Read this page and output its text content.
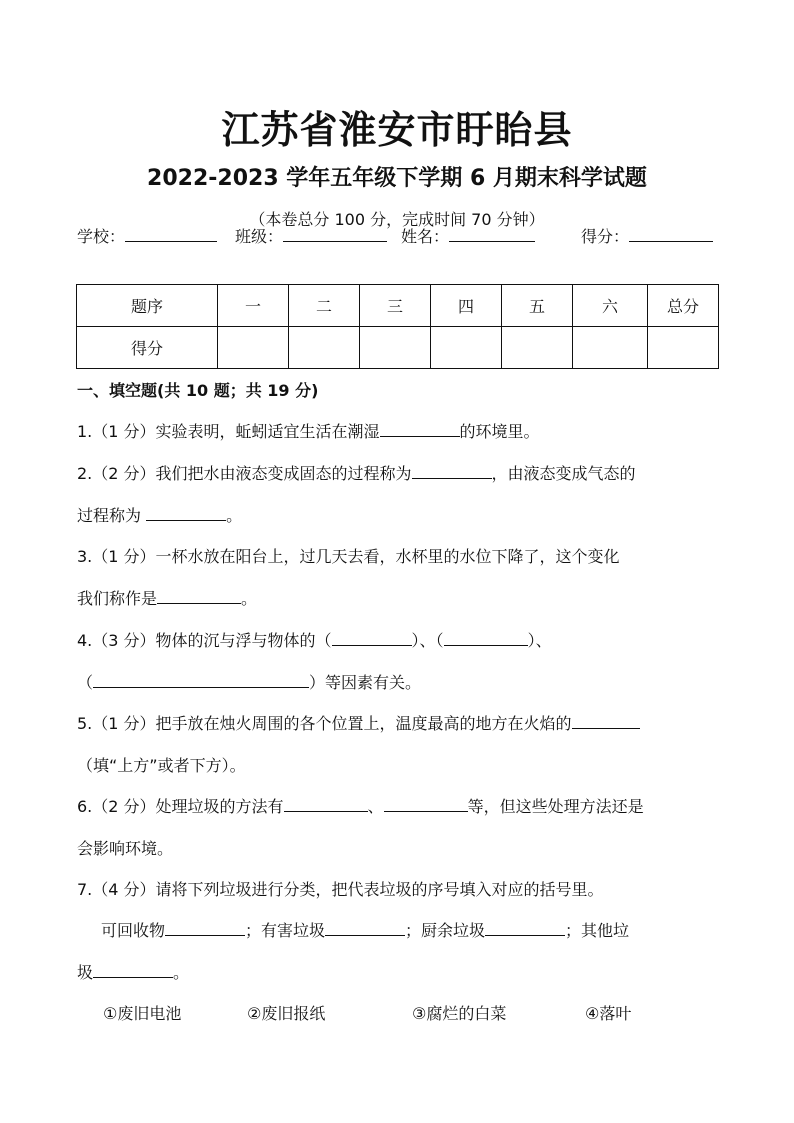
江苏省淮安市盱眙县
2022-2023 学年五年级下学期 6 月期末科学试题
（本卷总分 100 分，完成时间 70 分钟）
学校：	班级：	姓名：	得分：
题序	一	二	三	四	五	六	总分
得分							
一、填空题(共 10 题；共 19 分)
1.（1 分）实验表明，蚯蚓适宜生活在潮湿	的环境里。
2.（2 分）我们把水由液态变成固态的过程称为	，由液态变成气态的
过程称为	。
3.（1 分）一杯水放在阳台上，过几天去看，水杯里的水位下降了，这个变化
我们称作是	。
4.（3 分）物体的沉与浮与物体的（	）、（	）、
（	）等因素有关。
5.（1 分）把手放在烛火周围的各个位置上，温度最高的地方在火焰的
（填“上方”或者下方）。
6.（2 分）处理垃圾的方法有	、	等，但这些处理方法还是
会影响环境。
7.（4 分）请将下列垃圾进行分类，把代表垃圾的序号填入对应的括号里。
可回收物	；有害垃圾	；厨余垃圾	；其他垃
圾	。
①废旧电池	②废旧报纸	③腐烂的白菜	④落叶
